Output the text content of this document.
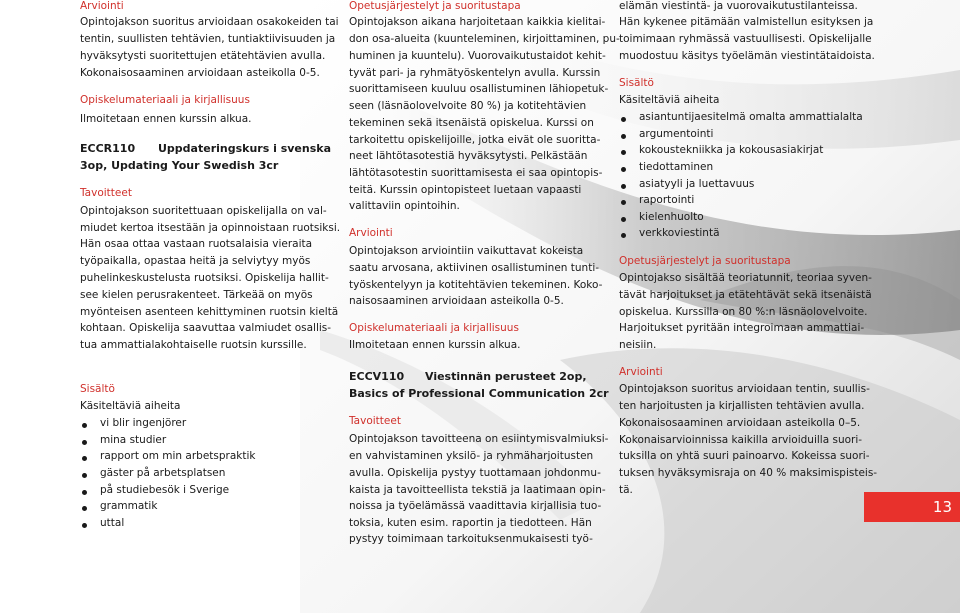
Arviointi
Opintojakson suoritus arvioidaan osakokeiden tai
tentin, suullisten tehtävien, tuntiaktiivisuuden ja
hyväksytysti suoritettujen etätehtävien avulla.
Kokonaisosaaminen arvioidaan asteikolla 0-5.
Opiskelumateriaali ja kirjallisuus
Ilmoitetaan ennen kurssin alkua.
ECCR110 Uppdateringskurs i svenska
3op, Updating Your Swedish 3cr
Tavoitteet
Opintojakson suoritettuaan opiskelijalla on val-
miudet kertoa itsestään ja opinnoistaan ruotsiksi.
Hän osaa ottaa vastaan ruotsalaisia vieraita
työpaikalla, opastaa heitä ja selviytyy myös
puhelinkeskustelusta ruotsiksi. Opiskelija hallit-
see kielen perusrakenteet. Tärkeää on myös
myönteisen asenteen kehittyminen ruotsin kieltä
kohtaan. Opiskelija saavuttaa valmiudet osallis-
tua ammattialakohtaiselle ruotsin kurssille.
Sisältö
Käsiteltäviä aiheita
vi blir ingenjörer
mina studier
rapport om min arbetspraktik
gäster på arbetsplatsen
på studiebesök i Sverige
grammatik
uttal
Opetusjärjestelyt ja suoritustapa
Opintojakson aikana harjoitetaan kaikkia kielitai-
don osa-alueita (kuunteleminen, kirjoittaminen, pu-
huminen ja kuuntelu). Vuorovaikutustaidot kehit-
tyvät pari- ja ryhmätyöskentelyn avulla. Kurssin
suorittamiseen kuuluu osallistuminen lähiopetuk-
seen (läsnäolovelvoite 80 %) ja kotitehtävien
tekeminen sekä itsenäistä opiskelua. Kurssi on
tarkoitettu opiskelijoille, jotka eivät ole suoritta-
neet lähtötasotestiä hyväksytysti. Pelkästään
lähtötasotestin suorittamisesta ei saa opintopis-
teitä. Kurssin opintopisteet luetaan vapaasti
valittaviin opintoihin.
Arviointi
Opintojakson arviointiin vaikuttavat kokeista
saatu arvosana, aktiivinen osallistuminen tunti-
työskentelyyn ja kotitehtävien tekeminen. Koko-
naisosaaminen arvioidaan asteikolla 0-5.
Opiskelumateriaali ja kirjallisuus
Ilmoitetaan ennen kurssin alkua.
ECCV110 Viestinnän perusteet 2op,
Basics of Professional Communication 2cr
Tavoitteet
Opintojakson tavoitteena on esiintymisvalmiuksi-
en vahvistaminen yksilö- ja ryhmäharjoitusten
avulla. Opiskelija pystyy tuottamaan johdonmu-
kaista ja tavoitteellista tekstiä ja laatimaan opin-
noissa ja työelämässä vaadittavia kirjallisia tuo-
toksia, kuten esim. raportin ja tiedotteen. Hän
pystyy toimimaan tarkoituksenmukaisesti työ-
elämän viestintä- ja vuorovaikutustilanteissa.
Hän kykenee pitämään valmistellun esityksen ja
toimimaan ryhmässä vastuullisesti. Opiskelijalle
muodostuu käsitys työelämän viestintätaidoista.
Sisältö
Käsiteltäviä aiheita
asiantuntijaesitelmä omalta ammattialalta
argumentointi
kokoustekniikka ja kokousasiakirjat
tiedottaminen
asiatyyli ja luettavuus
raportointi
kielenhuolto
verkkoviestintä
Opetusjärjestelyt ja suoritustapa
Opintojakso sisältää teoriatunnit, teoriaa syven-
tävät harjoitukset ja etätehtävät sekä itsenäistä
opiskelua. Kurssilla on 80 %:n läsnäolovelvoite.
Harjoitukset pyritään integroimaan ammattiai-
neisiin.
Arviointi
Opintojakson suoritus arvioidaan tentin, suullis-
ten harjoitusten ja kirjallisten tehtävien avulla.
Kokonaisosaaminen arvioidaan asteikolla 0–5.
Kokonaisarvioinnissa kaikilla arvioiduilla suori-
tuksilla on yhtä suuri painoarvo. Kokeissa suori-
tuksen hyväksymisraja on 40 % maksimispisteis-
tä.
13
